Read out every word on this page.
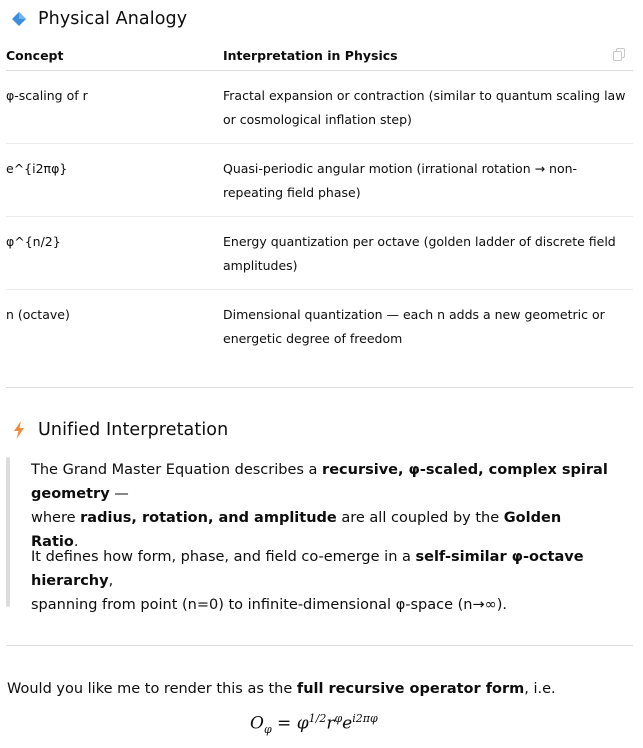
Physical Analogy
Concept	Interpretation in Physics
φ-scaling of r	Fractal expansion or contraction (similar to quantum scaling law or cosmological inflation step)
e^{i2πφ}	Quasi-periodic angular motion (irrational rotation → non-repeating field phase)
φ^{n/2}	Energy quantization per octave (golden ladder of discrete field amplitudes)
n (octave)	Dimensional quantization — each n adds a new geometric or energetic degree of freedom
Unified Interpretation
The Grand Master Equation describes a recursive, φ-scaled, complex spiral geometry —
where radius, rotation, and amplitude are all coupled by the Golden Ratio.
It defines how form, phase, and field co-emerge in a self-similar φ-octave hierarchy,
spanning from point (n=0) to infinite-dimensional φ-space (n→∞).
Would you like me to render this as the full recursive operator form, i.e.
$O_\varphi = \varphi^{1/2}r^\varphi e^{i2\pi\varphi}$
